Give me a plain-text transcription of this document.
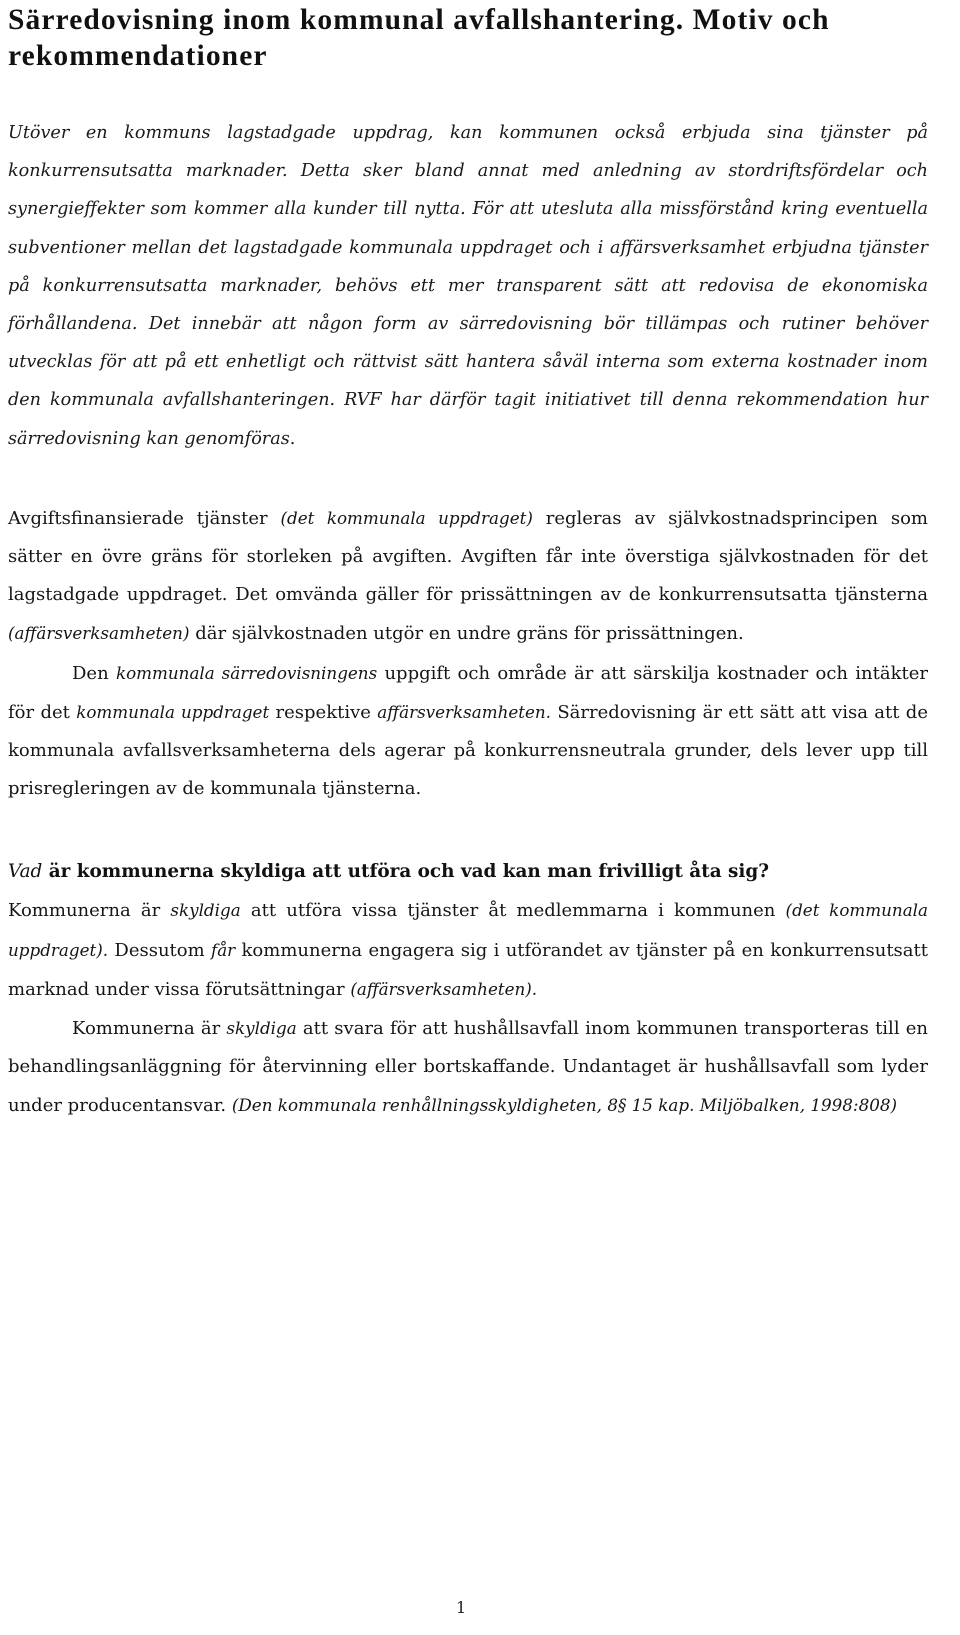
Särredovisning inom kommunal avfallshantering. Motiv och rekommendationer

Utöver en kommuns lagstadgade uppdrag, kan kommunen också erbjuda sina tjänster på konkurrensutsatta marknader. Detta sker bland annat med anledning av stordriftsfördelar och synergieffekter som kommer alla kunder till nytta. För att utesluta alla missförstånd kring eventuella subventioner mellan det lagstadgade kommunala uppdraget och i affärsverksamhet erbjudna tjänster på konkurrensutsatta marknader, behövs ett mer transparent sätt att redovisa de ekonomiska förhållandena. Det innebär att någon form av särredovisning bör tillämpas och rutiner behöver utvecklas för att på ett enhetligt och rättvist sätt hantera såväl interna som externa kostnader inom den kommunala avfallshanteringen. RVF har därför tagit initiativet till denna rekommendation hur särredovisning kan genomföras.

Avgiftsfinansierade tjänster (det kommunala uppdraget) regleras av självkostnadsprincipen som sätter en övre gräns för storleken på avgiften. Avgiften får inte överstiga självkostnaden för det lagstadgade uppdraget. Det omvända gäller för prissättningen av de konkurrensutsatta tjänsterna (affärsverksamheten) där självkostnaden utgör en undre gräns för prissättningen.

Den kommunala särredovisningens uppgift och område är att särskilja kostnader och intäkter för det kommunala uppdraget respektive affärsverksamheten. Särredovisning är ett sätt att visa att de kommunala avfallsverksamheterna dels agerar på konkurrensneutrala grunder, dels lever upp till prisregleringen av de kommunala tjänsterna.

Vad är kommunerna skyldiga att utföra och vad kan man frivilligt åta sig?

Kommunerna är skyldiga att utföra vissa tjänster åt medlemmarna i kommunen (det kommunala uppdraget). Dessutom får kommunerna engagera sig i utförandet av tjänster på en konkurrensutsatt marknad under vissa förutsättningar (affärsverksamheten).

Kommunerna är skyldiga att svara för att hushållsavfall inom kommunen transporteras till en behandlingsanläggning för återvinning eller bortskaffande. Undantaget är hushållsavfall som lyder under producentansvar. (Den kommunala renhållningsskyldigheten, 8§ 15 kap. Miljöbalken, 1998:808)

1
